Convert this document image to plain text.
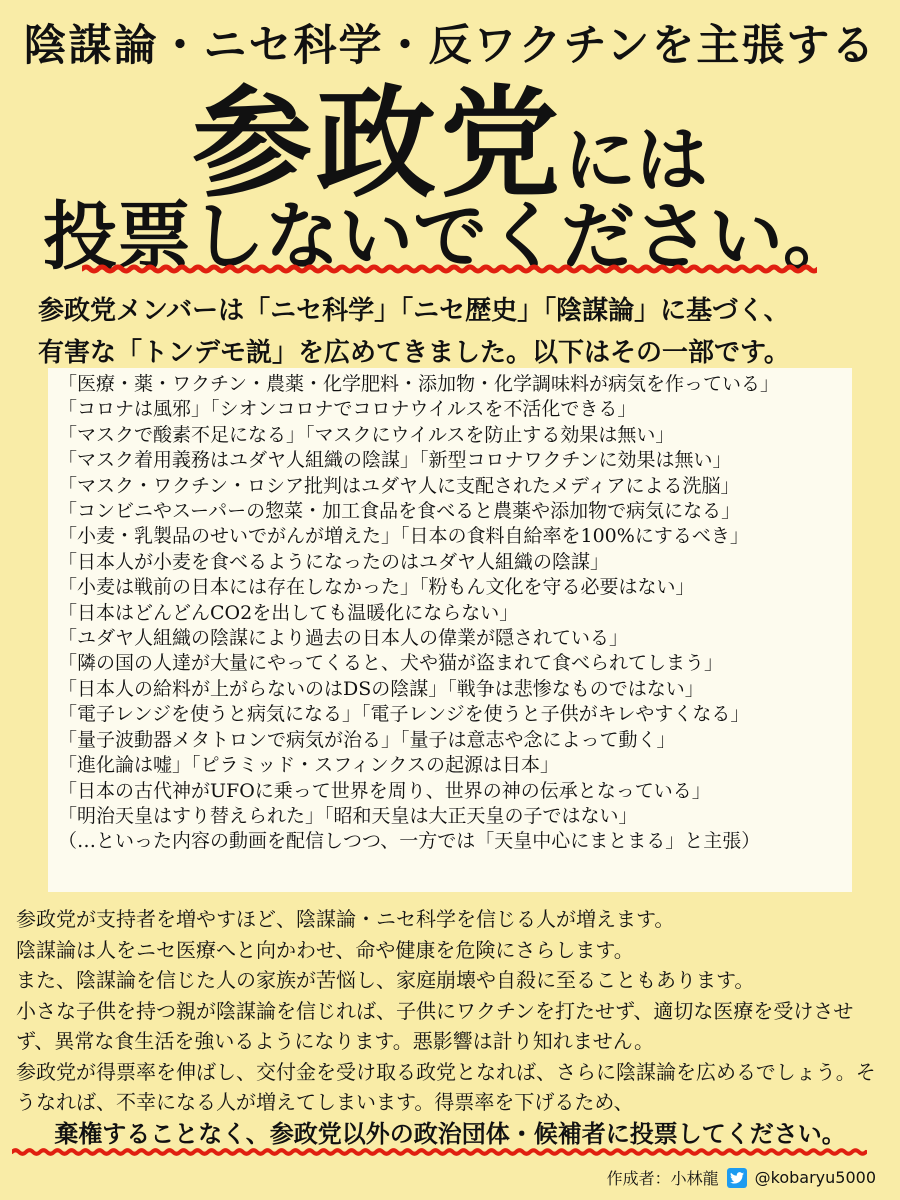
陰謀論・ニセ科学・反ワクチンを主張する
参政党には
投票しないでください。
参政党メンバーは「ニセ科学」「ニセ歴史」「陰謀論」に基づく、
有害な「トンデモ説」を広めてきました。以下はその一部です。
「医療・薬・ワクチン・農薬・化学肥料・添加物・化学調味料が病気を作っている」
「コロナは風邪」「シオンコロナでコロナウイルスを不活化できる」
「マスクで酸素不足になる」「マスクにウイルスを防止する効果は無い」
「マスク着用義務はユダヤ人組織の陰謀」「新型コロナワクチンに効果は無い」
「マスク・ワクチン・ロシア批判はユダヤ人に支配されたメディアによる洗脳」
「コンビニやスーパーの惣菜・加工食品を食べると農薬や添加物で病気になる」
「小麦・乳製品のせいでがんが増えた」「日本の食料自給率を100%にするべき」
「日本人が小麦を食べるようになったのはユダヤ人組織の陰謀」
「小麦は戦前の日本には存在しなかった」「粉もん文化を守る必要はない」
「日本はどんどんCO2を出しても温暖化にならない」
「ユダヤ人組織の陰謀により過去の日本人の偉業が隠されている」
「隣の国の人達が大量にやってくると、犬や猫が盗まれて食べられてしまう」
「日本人の給料が上がらないのはDSの陰謀」「戦争は悲惨なものではない」
「電子レンジを使うと病気になる」「電子レンジを使うと子供がキレやすくなる」
「量子波動器メタトロンで病気が治る」「量子は意志や念によって動く」
「進化論は嘘」「ピラミッド・スフィンクスの起源は日本」
「日本の古代神がUFOに乗って世界を周り、世界の神の伝承となっている」
「明治天皇はすり替えられた」「昭和天皇は大正天皇の子ではない」
（…といった内容の動画を配信しつつ、一方では「天皇中心にまとまる」と主張）

参政党が支持者を増やすほど、陰謀論・ニセ科学を信じる人が増えます。

陰謀論は人をニセ医療へと向かわせ、命や健康を危険にさらします。

また、陰謀論を信じた人の家族が苦悩し、家庭崩壊や自殺に至ることもあります。

小さな子供を持つ親が陰謀論を信じれば、子供にワクチンを打たせず、適切な医療を受けさせず、異常な食生活を強いるようになります。悪影響は計り知れません。

参政党が得票率を伸ばし、交付金を受け取る政党となれば、さらに陰謀論を広めるでしょう。そうなれば、不幸になる人が増えてしまいます。得票率を下げるため、

棄権することなく、参政党以外の政治団体・候補者に投票してください。
作成者：小林龍 @kobaryu5000
